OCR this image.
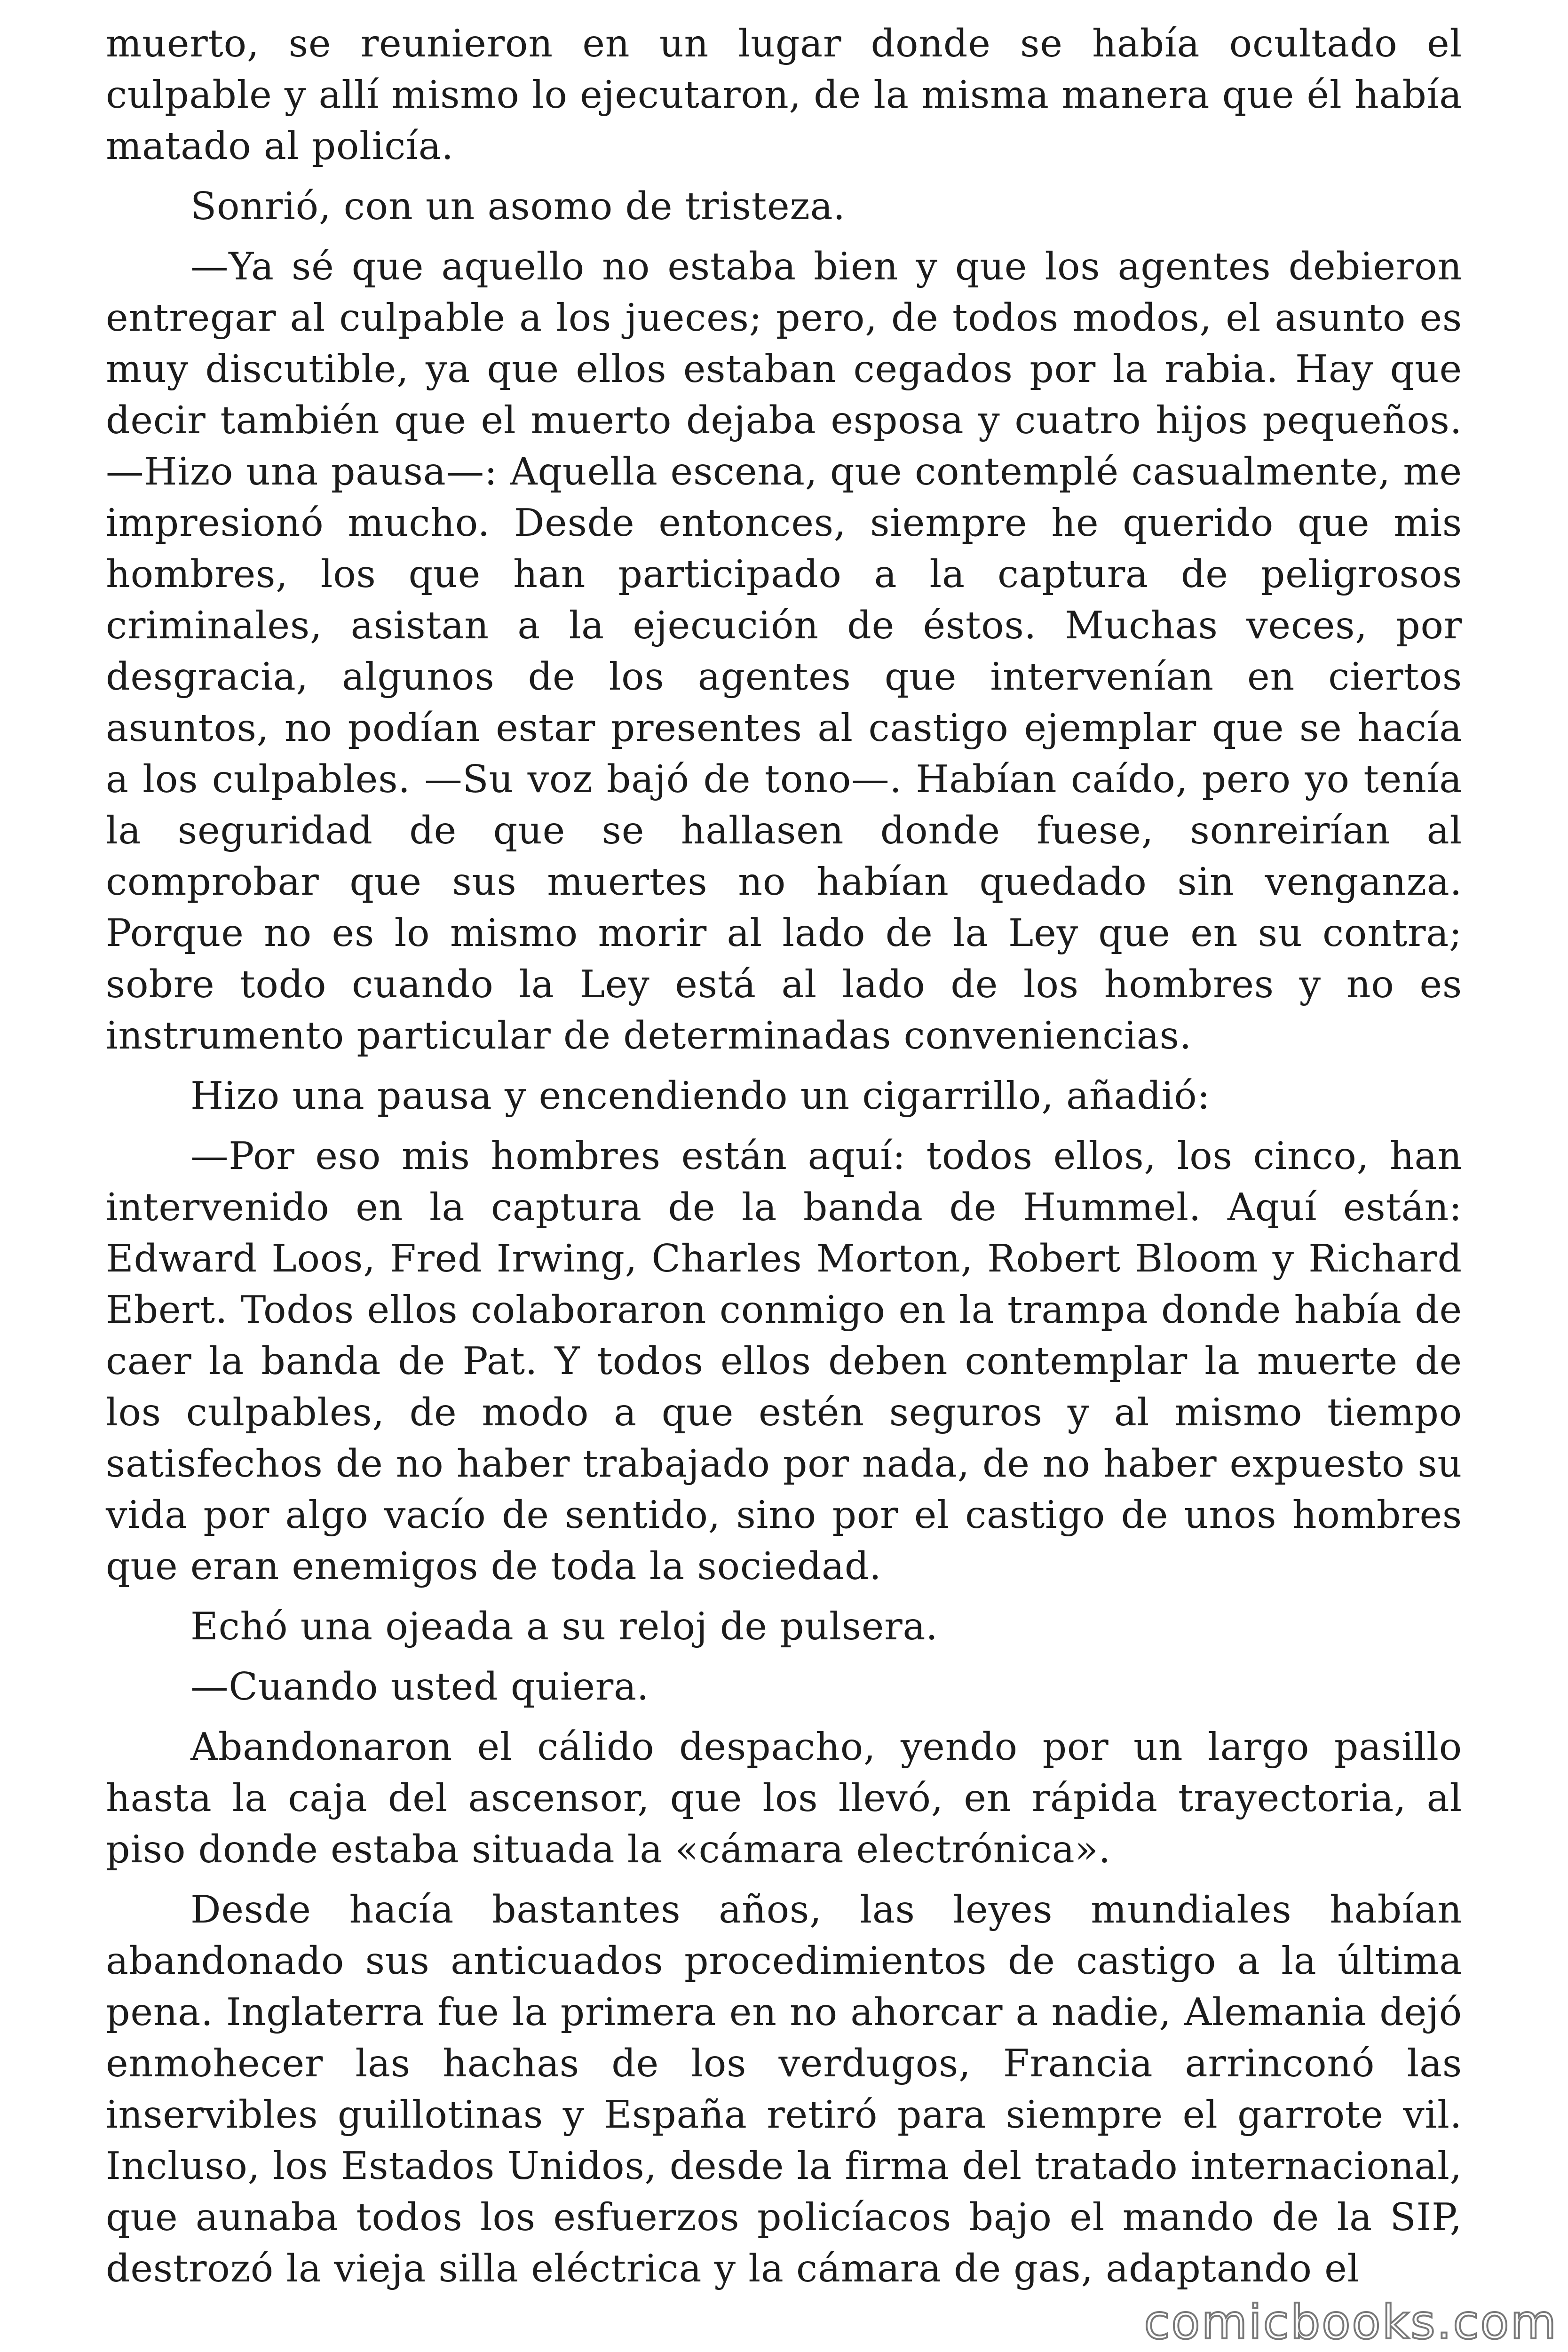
muerto, se reunieron en un lugar donde se había ocultado el culpable y allí mismo lo ejecutaron, de la misma manera que él había matado al policía.

Sonrió, con un asomo de tristeza.

—Ya sé que aquello no estaba bien y que los agentes debieron entregar al culpable a los jueces; pero, de todos modos, el asunto es muy discutible, ya que ellos estaban cegados por la rabia. Hay que decir también que el muerto dejaba esposa y cuatro hijos pequeños. —Hizo una pausa—: Aquella escena, que contemplé casualmente, me impresionó mucho. Desde entonces, siempre he querido que mis hombres, los que han participado a la captura de peligrosos criminales, asistan a la ejecución de éstos. Muchas veces, por desgracia, algunos de los agentes que intervenían en ciertos asuntos, no podían estar presentes al castigo ejemplar que se hacía a los culpables. —Su voz bajó de tono—. Habían caído, pero yo tenía la seguridad de que se hallasen donde fuese, sonreirían al comprobar que sus muertes no habían quedado sin venganza. Porque no es lo mismo morir al lado de la Ley que en su contra; sobre todo cuando la Ley está al lado de los hombres y no es instrumento particular de determinadas conveniencias.

Hizo una pausa y encendiendo un cigarrillo, añadió:

—Por eso mis hombres están aquí: todos ellos, los cinco, han intervenido en la captura de la banda de Hummel. Aquí están: Edward Loos, Fred Irwing, Charles Morton, Robert Bloom y Richard Ebert. Todos ellos colaboraron conmigo en la trampa donde había de caer la banda de Pat. Y todos ellos deben contemplar la muerte de los culpables, de modo a que estén seguros y al mismo tiempo satisfechos de no haber trabajado por nada, de no haber expuesto su vida por algo vacío de sentido, sino por el castigo de unos hombres que eran enemigos de toda la sociedad.

Echó una ojeada a su reloj de pulsera.

—Cuando usted quiera.

Abandonaron el cálido despacho, yendo por un largo pasillo hasta la caja del ascensor, que los llevó, en rápida trayectoria, al piso donde estaba situada la «cámara electrónica».

Desde hacía bastantes años, las leyes mundiales habían abandonado sus anticuados procedimientos de castigo a la última pena. Inglaterra fue la primera en no ahorcar a nadie, Alemania dejó enmohecer las hachas de los verdugos, Francia arrinconó las inservibles guillotinas y España retiró para siempre el garrote vil. Incluso, los Estados Unidos, desde la firma del tratado internacional, que aunaba todos los esfuerzos policíacos bajo el mando de la SIP, destrozó la vieja silla eléctrica y la cámara de gas, adaptando el

comicbooks.com
